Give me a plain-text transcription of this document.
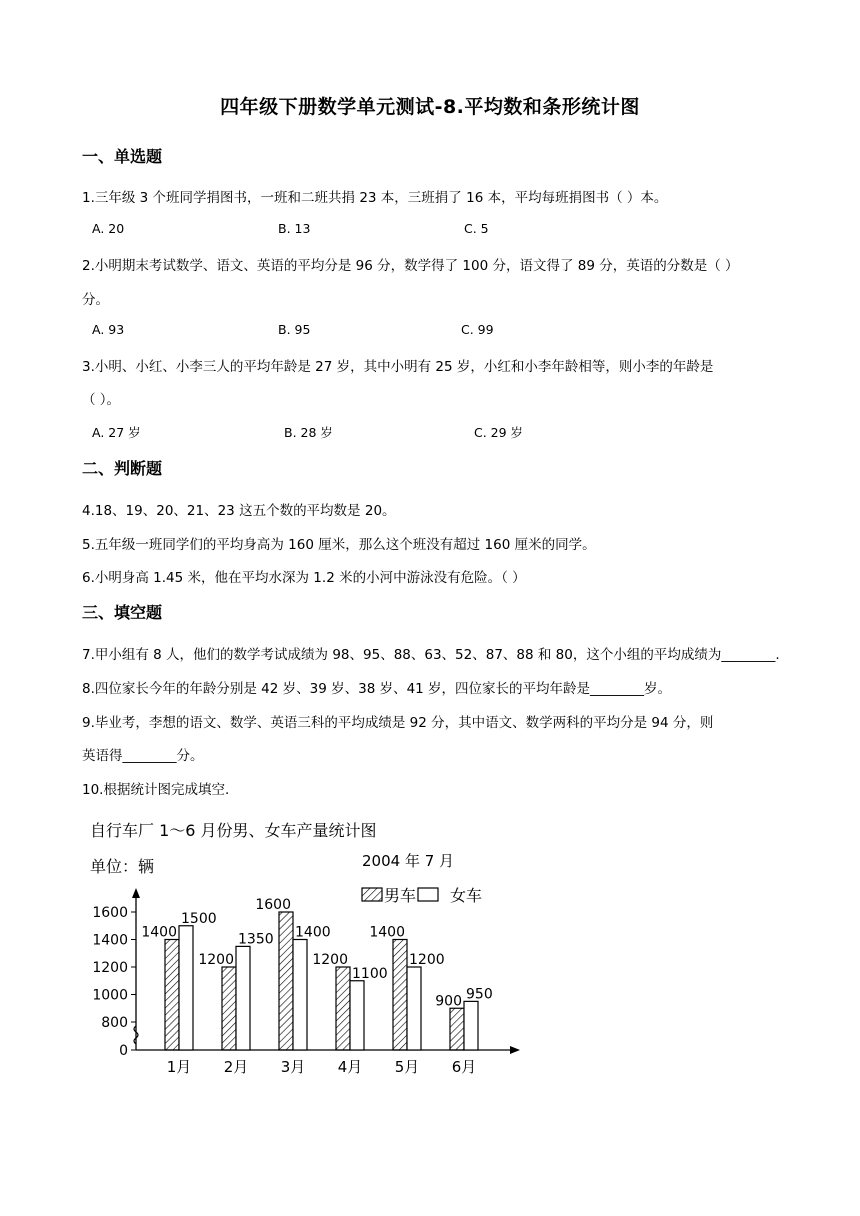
四年级下册数学单元测试-8.平均数和条形统计图
一、单选题
1.三年级 3 个班同学捐图书，一班和二班共捐 23 本，三班捐了 16 本，平均每班捐图书（ ）本。
A. 20	B. 13	C. 5
2.小明期末考试数学、语文、英语的平均分是 96 分，数学得了 100 分，语文得了 89 分，英语的分数是（ ）
分。
A. 93	B. 95	C. 99
3.小明、小红、小李三人的平均年龄是 27 岁，其中小明有 25 岁，小红和小李年龄相等，则小李的年龄是
（ ）。
A. 27 岁	B. 28 岁	C. 29 岁
二、判断题
4.18、19、20、21、23 这五个数的平均数是 20。
5.五年级一班同学们的平均身高为 160 厘米，那么这个班没有超过 160 厘米的同学。
6.小明身高 1.45 米，他在平均水深为 1.2 米的小河中游泳没有危险。（ ）
三、填空题
7.甲小组有 8 人，他们的数学考试成绩为 98、95、88、63、52、87、88 和 80，这个小组的平均成绩为________.
8.四位家长今年的年龄分别是 42 岁、39 岁、38 岁、41 岁，四位家长的平均年龄是________岁。
9.毕业考，李想的语文、数学、英语三科的平均成绩是 92 分，其中语文、数学两科的平均分是 94 分，则
英语得________分。
10.根据统计图完成填空.
自行车厂 1～6 月份男、女车产量统计图
单位：辆	2004 年 7 月
男车 女车
0
800
1000
1200
1400
1600
1400
1500
1月
1200
1350
2月
1600
1400
3月
1200
1100
4月
1400
1200
5月
900 950
6月
